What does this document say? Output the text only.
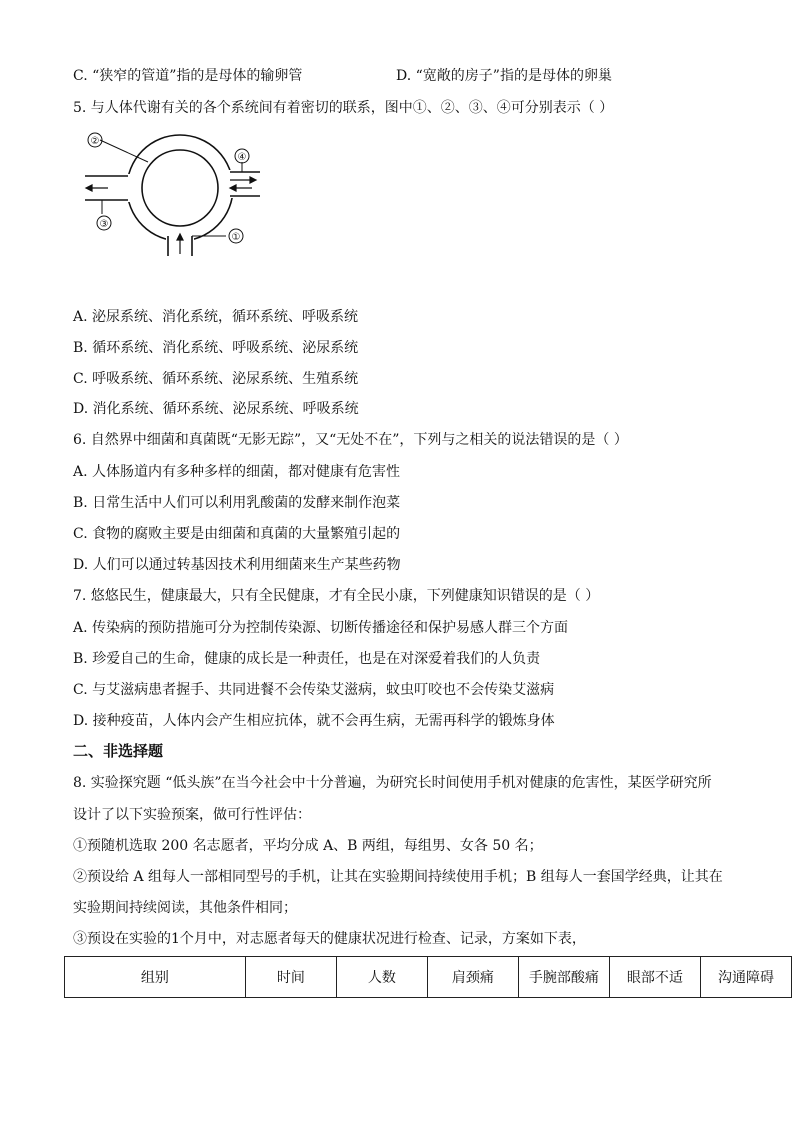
C. “狭窄的管道”指的是母体的输卵管	D. “宽敞的房子”指的是母体的卵巢
5. 与人体代谢有关的各个系统间有着密切的联系，图中①、②、③、④可分别表示（ ）
②
③
①
④
A. 泌尿系统、消化系统，循环系统、呼吸系统
B. 循环系统、消化系统、呼吸系统、泌尿系统
C. 呼吸系统、循环系统、泌尿系统、生殖系统
D. 消化系统、循环系统、泌尿系统、呼吸系统
6. 自然界中细菌和真菌既“无影无踪”，又“无处不在”，下列与之相关的说法错误的是（ ）
A. 人体肠道内有多种多样的细菌，都对健康有危害性
B. 日常生活中人们可以利用乳酸菌的发酵来制作泡菜
C. 食物的腐败主要是由细菌和真菌的大量繁殖引起的
D. 人们可以通过转基因技术利用细菌来生产某些药物
7. 悠悠民生，健康最大，只有全民健康，才有全民小康，下列健康知识错误的是（ ）
A. 传染病的预防措施可分为控制传染源、切断传播途径和保护易感人群三个方面
B. 珍爱自己的生命，健康的成长是一种责任，也是在对深爱着我们的人负责
C. 与艾滋病患者握手、共同进餐不会传染艾滋病，蚊虫叮咬也不会传染艾滋病
D. 接种疫苗，人体内会产生相应抗体，就不会再生病，无需再科学的锻炼身体
二、非选择题
8. 实验探究题 “低头族”在当今社会中十分普遍，为研究长时间使用手机对健康的危害性，某医学研究所
设计了以下实验预案，做可行性评估：
①预随机选取 200 名志愿者，平均分成 A、B 两组，每组男、女各 50 名；
②预设给 A 组每人一部相同型号的手机，让其在实验期间持续使用手机；B 组每人一套国学经典，让其在
实验期间持续阅读，其他条件相同；
③预设在实验的1个月中，对志愿者每天的健康状况进行检查、记录，方案如下表，
组别	时间	人数	肩颈痛	手腕部酸痛	眼部不适	沟通障碍
